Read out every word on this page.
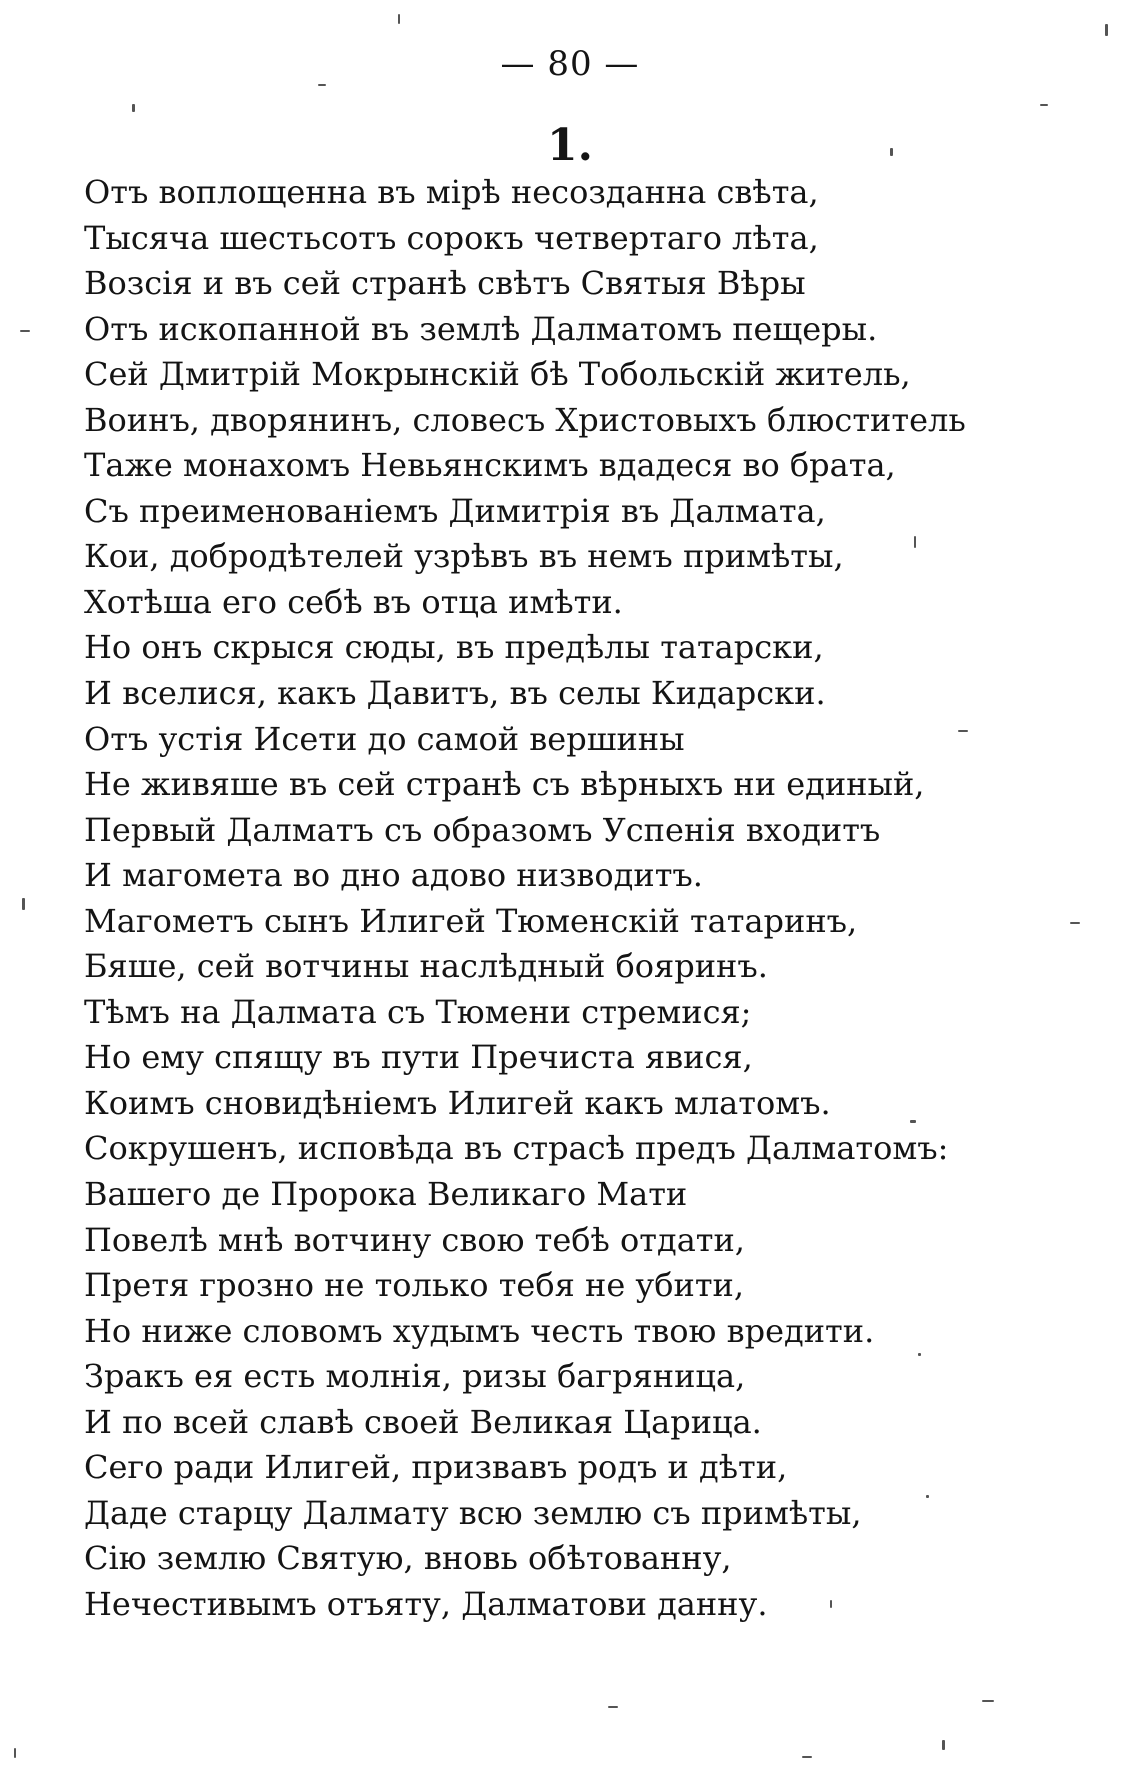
— 80 —
1.
Отъ воплощенна въ мірѣ несозданна свѣта,
Тысяча шестьсотъ сорокъ четвертаго лѣта,
Возсія и въ сей странѣ свѣтъ Святыя Вѣры
Отъ ископанной въ землѣ Далматомъ пещеры.
Сей Дмитрій Мокрынскій бѣ Тобольскій житель,
Воинъ, дворянинъ, словесъ Христовыхъ блюститель
Таже монахомъ Невьянскимъ вдадеся во брата,
Съ преименованіемъ Димитрія въ Далмата,
Кои, добродѣтелей узрѣвъ въ немъ примѣты,
Хотѣша его себѣ въ отца имѣти.
Но онъ скрыся сюды, въ предѣлы татарски,
И вселися, какъ Давитъ, въ селы Кидарски.
Отъ устія Исети до самой вершины
Не живяше въ сей странѣ съ вѣрныхъ ни единый,
Первый Далматъ съ образомъ Успенія входитъ
И магомета во дно адово низводитъ.
Магометъ сынъ Илигей Тюменскій татаринъ,
Бяше, сей вотчины наслѣдный бояринъ.
Тѣмъ на Далмата съ Тюмени стремися;
Но ему спящу въ пути Пречиста явися,
Коимъ сновидѣніемъ Илигей какъ млатомъ.
Сокрушенъ, исповѣда въ страсѣ предъ Далматомъ:
Вашего де Пророка Великаго Мати
Повелѣ мнѣ вотчину свою тебѣ отдати,
Претя грозно не только тебя не убити,
Но ниже словомъ худымъ честь твою вредити.
Зракъ ея есть молнія, ризы багряница,
И по всей славѣ своей Великая Царица.
Сего ради Илигей, призвавъ родъ и дѣти,
Даде старцу Далмату всю землю съ примѣты,
Сію землю Святую, вновь обѣтованну,
Нечестивымъ отъяту, Далматови данну.
